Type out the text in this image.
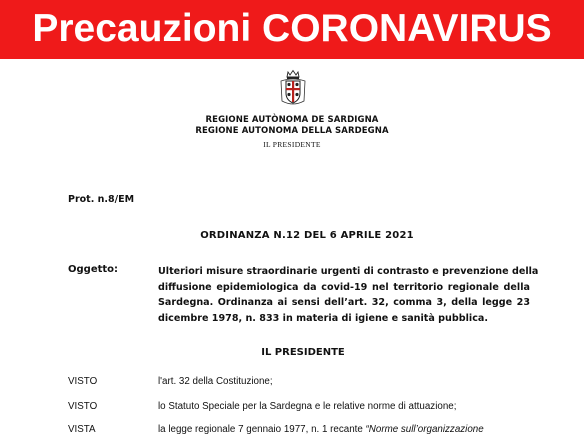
Precauzioni CORONAVIRUS
REGIONE AUTÒNOMA DE SARDIGNA
REGIONE AUTONOMA DELLA SARDEGNA
IL PRESIDENTE
Prot. n.8/EM
ORDINANZA N.12 DEL 6 APRILE 2021
Oggetto:	Ulteriori misure straordinarie urgenti di contrasto e prevenzione della
diffusione epidemiologica da covid-19 nel territorio regionale della
Sardegna. Ordinanza ai sensi dell’art. 32, comma 3, della legge 23
dicembre 1978, n. 833 in materia di igiene e sanità pubblica.
IL PRESIDENTE
VISTO	l'art. 32 della Costituzione;
VISTO	lo Statuto Speciale per la Sardegna e le relative norme di attuazione;
VISTA	la legge regionale 7 gennaio 1977, n. 1 recante “Norme sull’organizzazione
